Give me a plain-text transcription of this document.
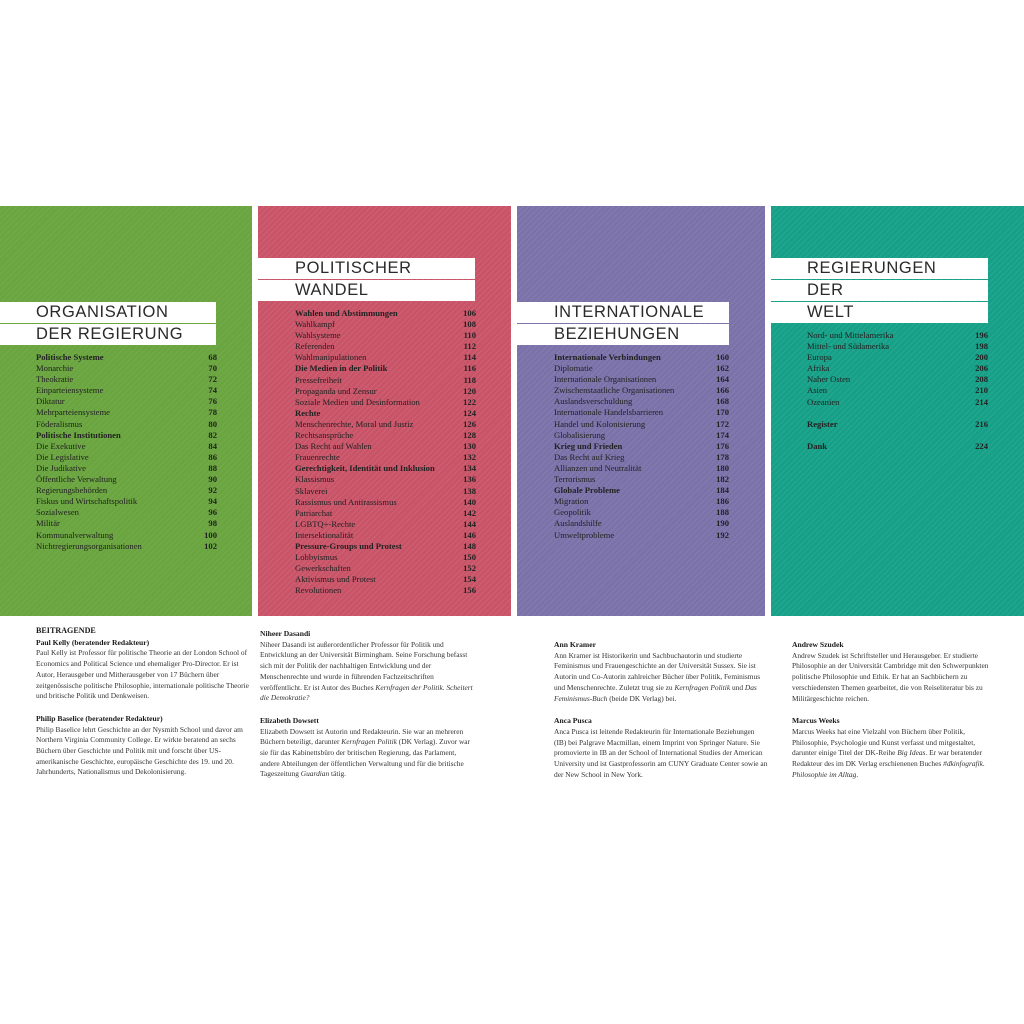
ORGANISATION
DER REGIERUNG
Politische Systeme	68
Monarchie	70
Theokratie	72
Einparteiensysteme	74
Diktatur	76
Mehrparteiensysteme	78
Föderalismus	80
Politische Institutionen	82
Die Exekutive	84
Die Legislative	86
Die Judikative	88
Öffentliche Verwaltung	90
Regierungsbehörden	92
Fiskus und Wirtschaftspolitik	94
Sozialwesen	96
Militär	98
Kommunalverwaltung	100
Nichtregierungsorganisationen	102
POLITISCHER
WANDEL
Wahlen und Abstimmungen	106
Wahlkampf	108
Wahlsysteme	110
Referenden	112
Wahlmanipulationen	114
Die Medien in der Politik	116
Pressefreiheit	118
Propaganda und Zensur	120
Soziale Medien und Desinformation	122
Rechte	124
Menschenrechte, Moral und Justiz	126
Rechtsansprüche	128
Das Recht auf Wahlen	130
Frauenrechte	132
Gerechtigkeit, Identität und Inklusion	134
Klassismus	136
Sklaverei	138
Rassismus und Antirassismus	140
Patriarchat	142
LGBTQ+-Rechte	144
Intersektionalität	146
Pressure-Groups und Protest	148
Lobbyismus	150
Gewerkschaften	152
Aktivismus und Protest	154
Revolutionen	156
INTERNATIONALE
BEZIEHUNGEN
Internationale Verbindungen	160
Diplomatie	162
Internationale Organisationen	164
Zwischenstaatliche Organisationen	166
Auslandsverschuldung	168
Internationale Handelsbarrieren	170
Handel und Kolonisierung	172
Globalisierung	174
Krieg und Frieden	176
Das Recht auf Krieg	178
Allianzen und Neutralität	180
Terrorismus	182
Globale Probleme	184
Migration	186
Geopolitik	188
Auslandshilfe	190
Umweltprobleme	192
REGIERUNGEN
DER
WELT
Nord- und Mittelamerika	196
Mittel- und Südamerika	198
Europa	200
Afrika	206
Naher Osten	208
Asien	210
Ozeanien	214
Register	216
Dank	224
BEITRAGENDE
Paul Kelly (beratender Redakteur)

Paul Kelly ist Professor für politische Theorie an der London School of Economics and Political Science und ehemaliger Pro-Director. Er ist Autor, Herausgeber und Mitherausgeber von 17 Büchern über zeitgenössische politische Philosophie, internationale politische Theorie und britische Politik und Denkweisen.

Philip Baselice (beratender Redakteur)

Philip Baselice lehrt Geschichte an der Nysmith School und davor am Northern Virginia Community College. Er wirkte beratend an sechs Büchern über Geschichte und Politik mit und forscht über US-amerikanische Geschichte, europäische Geschichte des 19. und 20. Jahrhunderts, Nationalismus und Dekolonisierung.

Niheer Dasandi

Niheer Dasandi ist außerordentlicher Professor für Politik und Entwicklung an der Universität Birmingham. Seine Forschung befasst sich mit der Politik der nachhaltigen Entwicklung und der Menschenrechte und wurde in führenden Fachzeitschriften veröffentlicht. Er ist Autor des Buches Kernfragen der Politik. Scheitert die Demokratie?

Elizabeth Dowsett

Elizabeth Dowsett ist Autorin und Redakteurin. Sie war an mehreren Büchern beteiligt, darunter Kernfragen Politik (DK Verlag). Zuvor war sie für das Kabinettsbüro der britischen Regierung, das Parlament, andere Abteilungen der öffentlichen Verwaltung und für die britische Tageszeitung Guardian tätig.

Ann Kramer

Ann Kramer ist Historikerin und Sachbuchautorin und studierte Feminismus und Frauengeschichte an der Universität Sussex. Sie ist Autorin und Co-Autorin zahlreicher Bücher über Politik, Feminismus und Menschenrechte. Zuletzt trug sie zu Kernfragen Politik und Das Feminismus-Buch (beide DK Verlag) bei.

Anca Pusca

Anca Pusca ist leitende Redakteurin für Internationale Beziehungen (IB) bei Palgrave Macmillan, einem Imprint von Springer Nature. Sie promovierte in IB an der School of International Studies der American University und ist Gastprofessorin am CUNY Graduate Center sowie an der New School in New York.

Andrew Szudek

Andrew Szudek ist Schriftsteller und Herausgeber. Er studierte Philosophie an der Universität Cambridge mit den Schwerpunkten politische Philosophie und Ethik. Er hat an Sachbüchern zu verschiedensten Themen gearbeitet, die von Reiseliteratur bis zu Militärgeschichte reichen.

Marcus Weeks

Marcus Weeks hat eine Vielzahl von Büchern über Politik, Philosophie, Psychologie und Kunst verfasst und mitgestaltet, darunter einige Titel der DK-Reihe Big Ideas. Er war beratender Redakteur des im DK Verlag erschienenen Buches #dkinfografik. Philosophie im Alltag.
